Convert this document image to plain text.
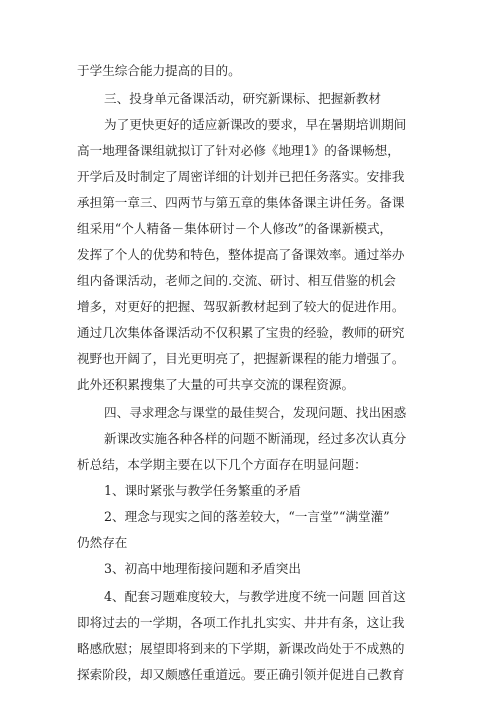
于学生综合能力提高的目的。
三、投身单元备课活动，研究新课标、把握新教材
为了更快更好的适应新课改的要求，早在暑期培训期间
高一地理备课组就拟订了针对必修《地理1》的备课畅想，
开学后及时制定了周密详细的计划并已把任务落实。安排我
承担第一章三、四两节与第五章的集体备课主讲任务。备课
组采用“个人精备－集体研讨－个人修改”的备课新模式，
发挥了个人的优势和特色，整体提高了备课效率。通过举办
组内备课活动，老师之间的.交流、研讨、相互借鉴的机会
增多，对更好的把握、驾驭新教材起到了较大的促进作用。
通过几次集体备课活动不仅积累了宝贵的经验，教师的研究
视野也开阔了，目光更明亮了，把握新课程的能力增强了。
此外还积累搜集了大量的可共享交流的课程资源。
四、寻求理念与课堂的最佳契合，发现问题、找出困惑
新课改实施各种各样的问题不断涌现，经过多次认真分
析总结，本学期主要在以下几个方面存在明显问题：
1、课时紧张与教学任务繁重的矛盾
2、理念与现实之间的落差较大，“一言堂”“满堂灌”
仍然存在
3、初高中地理衔接问题和矛盾突出
4、配套习题难度较大，与教学进度不统一问题 回首这
即将过去的一学期，各项工作扎扎实实、井井有条，这让我
略感欣慰；展望即将到来的下学期，新课改尚处于不成熟的
探索阶段，却又颇感任重道远。要正确引领并促进自己教育
